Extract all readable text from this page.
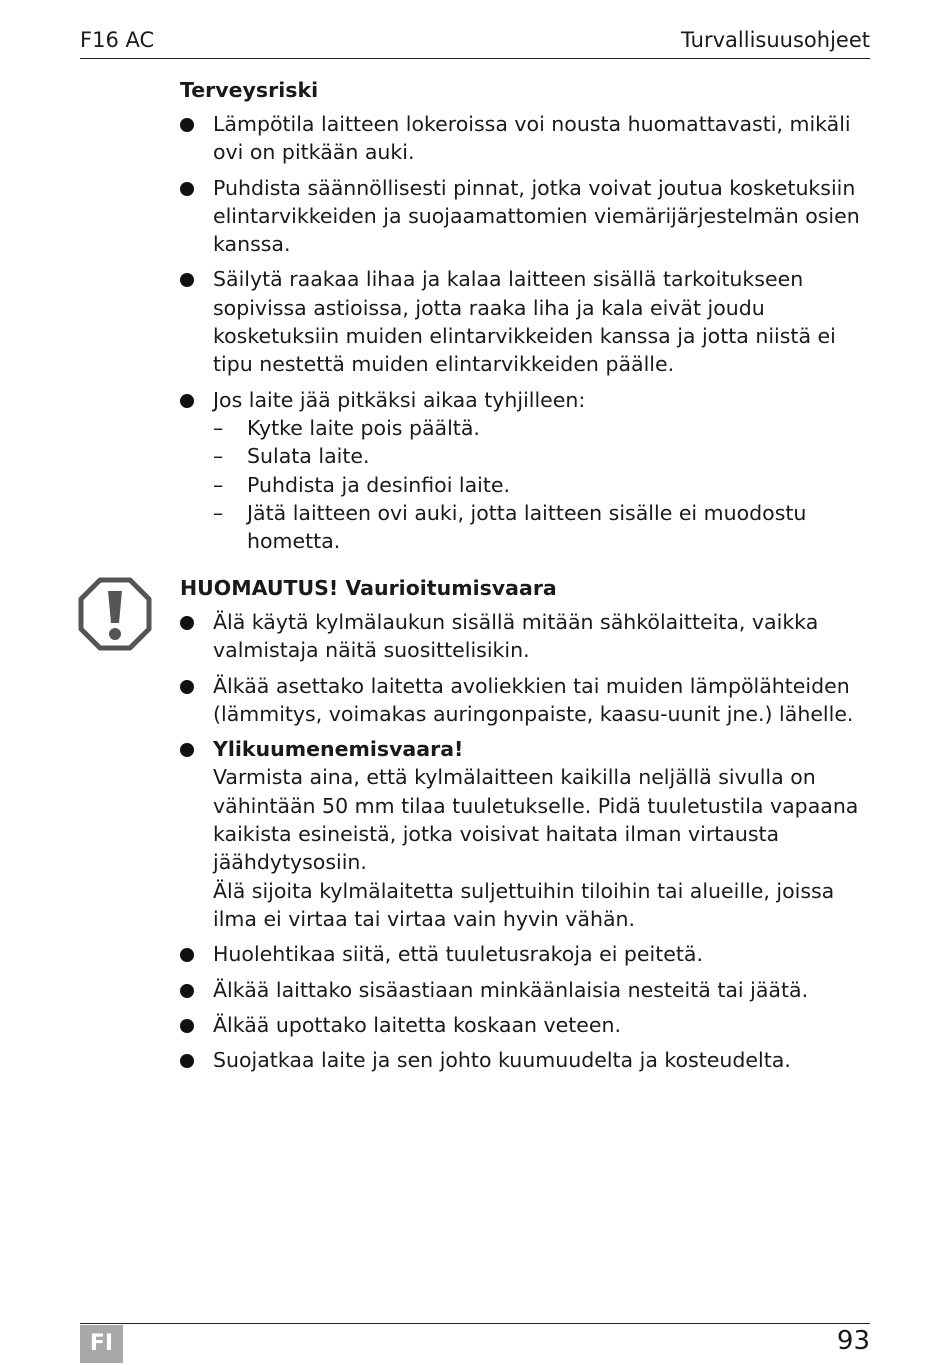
F16 AC	Turvallisuusohjeet
Terveysriski
Lämpötila laitteen lokeroissa voi nousta huomattavasti, mikäli ovi on pitkään auki.
Puhdista säännöllisesti pinnat, jotka voivat joutua kosketuksiin elintarvikkeiden ja suojaamattomien viemärijärjestelmän osien kanssa.
Säilytä raakaa lihaa ja kalaa laitteen sisällä tarkoitukseen sopivissa astioissa, jotta raaka liha ja kala eivät joudu kosketuksiin muiden elintarvikkeiden kanssa ja jotta niistä ei tipu nestettä muiden elintarvikkeiden päälle.
Jos laite jää pitkäksi aikaa tyhjilleen:
– Kytke laite pois päältä.
– Sulata laite.
– Puhdista ja desinfioi laite.
– Jätä laitteen ovi auki, jotta laitteen sisälle ei muodostu hometta.
HUOMAUTUS! Vaurioitumisvaara
Älä käytä kylmälaukun sisällä mitään sähkölaitteita, vaikka valmistaja näitä suosittelisikin.
Älkää asettako laitetta avoliekkien tai muiden lämpölähteiden (lämmitys, voimakas auringonpaiste, kaasu-uunit jne.) lähelle.
Ylikuumenemisvaara!
Varmista aina, että kylmälaitteen kaikilla neljällä sivulla on vähintään 50 mm tilaa tuuletukselle. Pidä tuuletustila vapaana kaikista esineistä, jotka voisivat haitata ilman virtausta jäähdytysosiin.
Älä sijoita kylmälaitetta suljettuihin tiloihin tai alueille, joissa ilma ei virtaa tai virtaa vain hyvin vähän.
Huolehtikaa siitä, että tuuletusrakoja ei peitetä.
Älkää laittako sisäastiaan minkäänlaisia nesteitä tai jäätä.
Älkää upottako laitetta koskaan veteen.
Suojatkaa laite ja sen johto kuumuudelta ja kosteudelta.
FI	93
